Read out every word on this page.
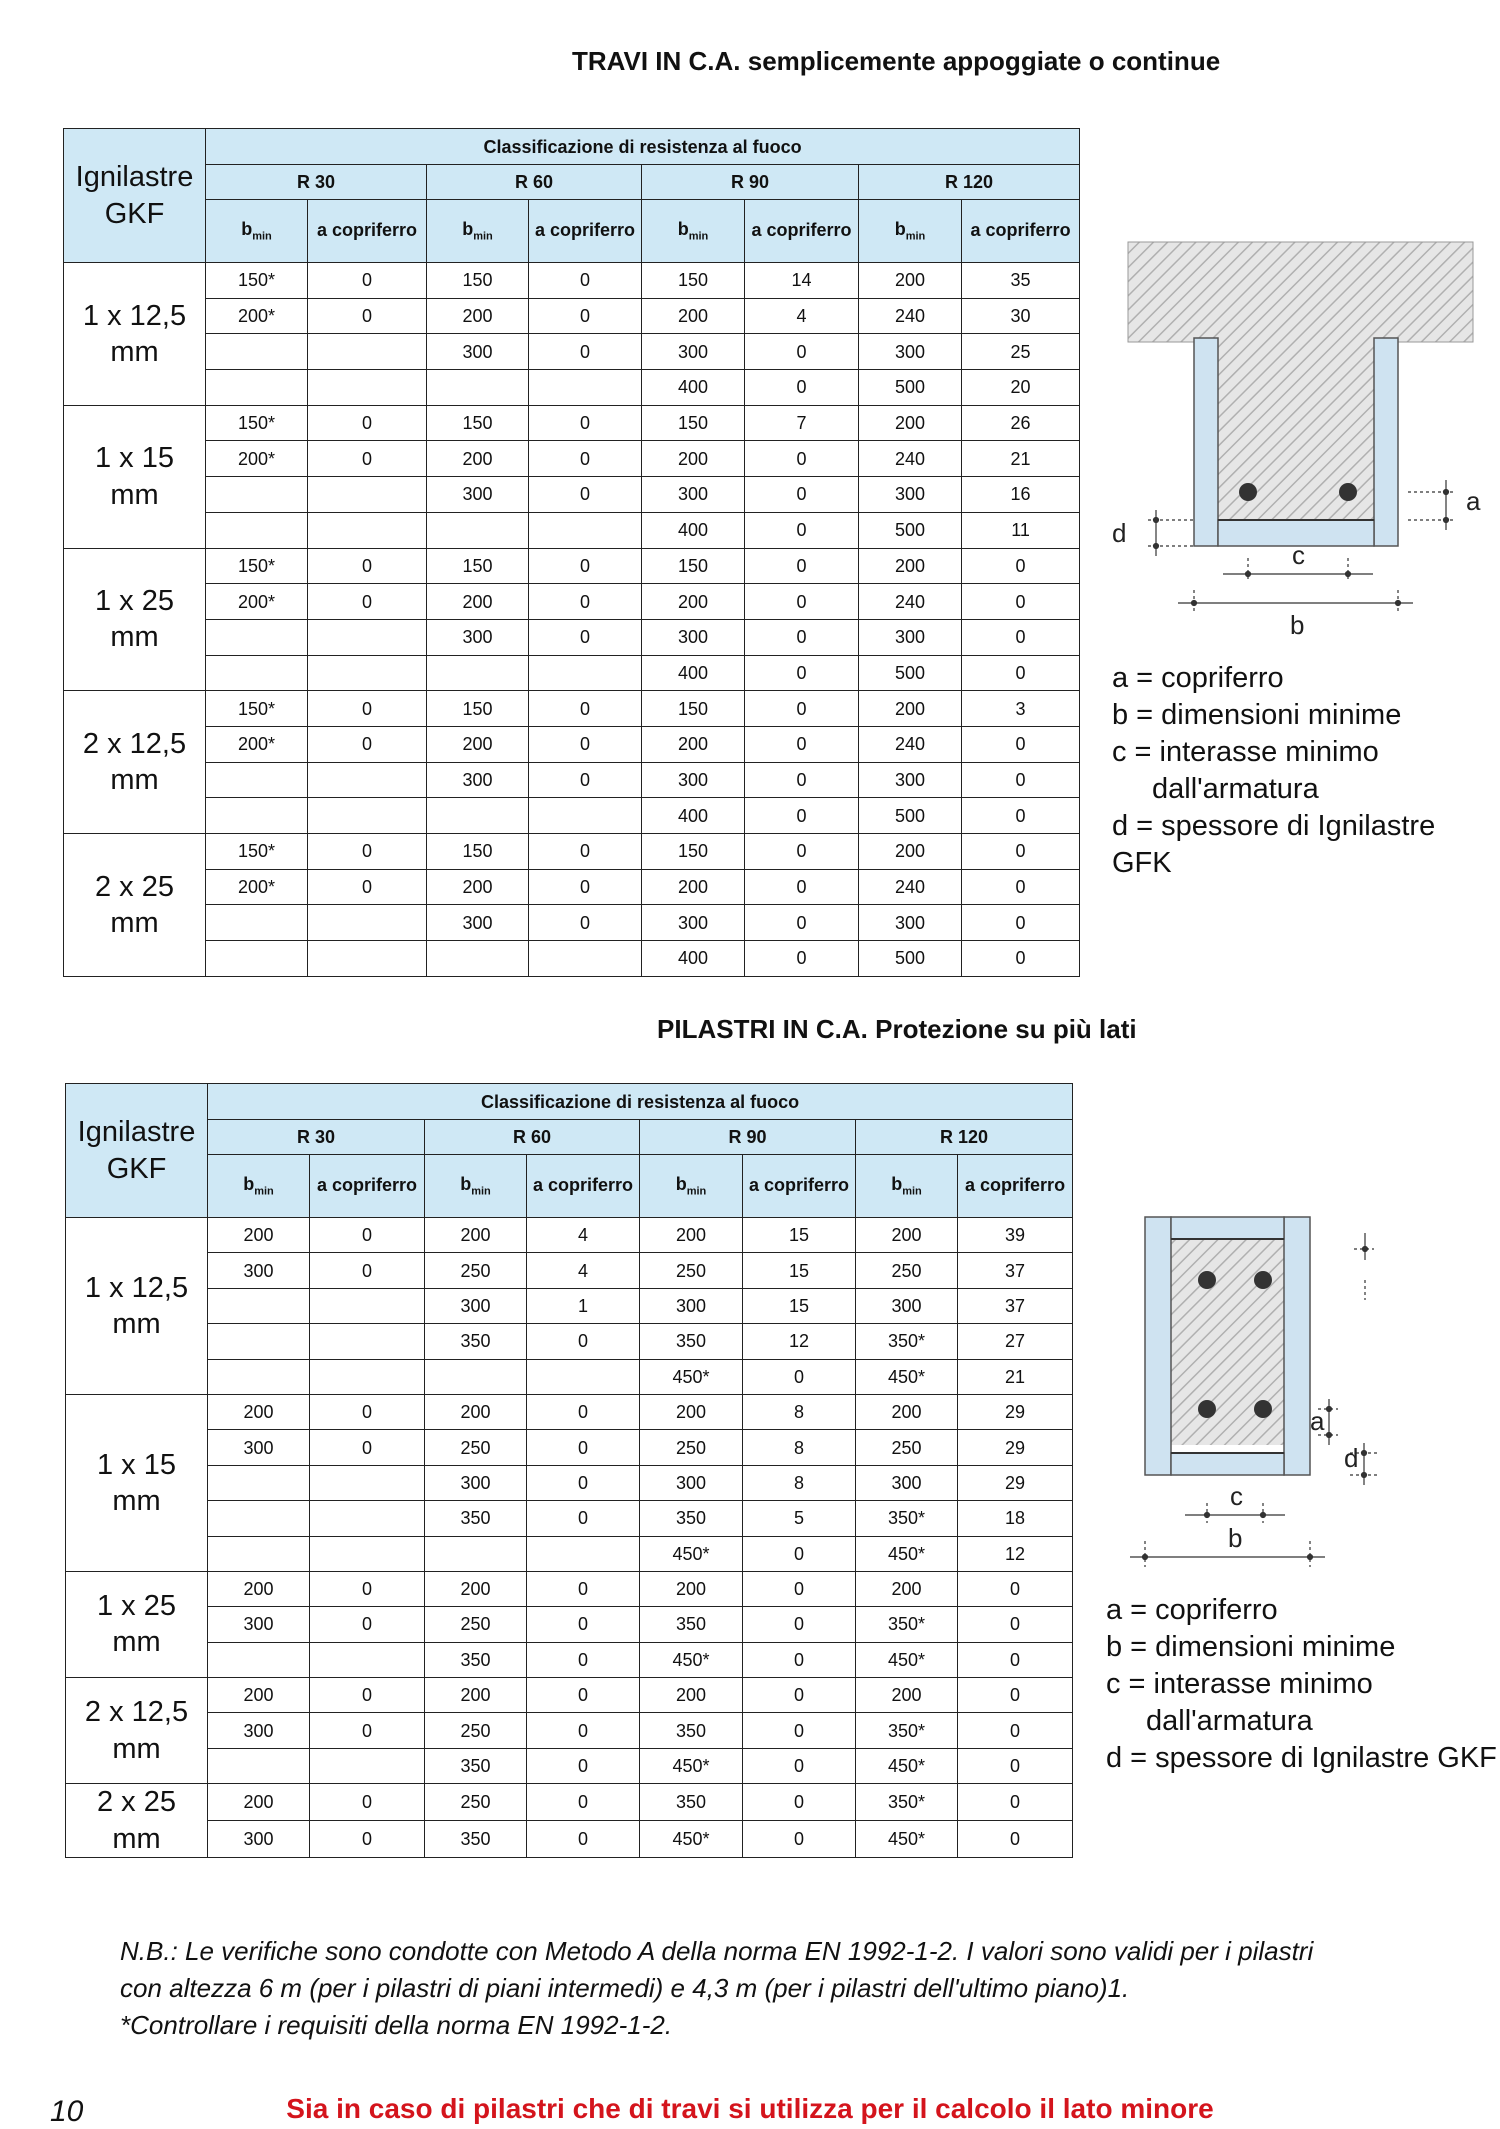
TRAVI IN C.A. semplicemente appoggiate o continue
Ignilastre GKF	Classificazione di resistenza al fuoco							
	R 30		R 60		R 90		R 120	
	$b_{min}$	a copriferro	$b_{min}$	a copriferro	$b_{min}$	a copriferro	$b_{min}$	a copriferro
1 x 12,5 mm	150*	0	150	0	150	14	200	35
	200*	0	200	0	200	4	240	30
			300	0	300	0	300	25
					400	0	500	20
1 x 15 mm	150*	0	150	0	150	7	200	26
	200*	0	200	0	200	0	240	21
			300	0	300	0	300	16
					400	0	500	11
1 x 25 mm	150*	0	150	0	150	0	200	0
	200*	0	200	0	200	0	240	0
			300	0	300	0	300	0
					400	0	500	0
2 x 12,5 mm	150*	0	150	0	150	0	200	3
	200*	0	200	0	200	0	240	0
			300	0	300	0	300	0
					400	0	500	0
2 x 25 mm	150*	0	150	0	150	0	200	0
	200*	0	200	0	200	0	240	0
			300	0	300	0	300	0
					400	0	500	0
a
d
c
b
a = copriferro
b = dimensioni minime
c = interasse minimo
dall'armatura
d = spessore di Ignilastre GFK
PILASTRI IN C.A. Protezione su più lati
Ignilastre GKF	Classificazione di resistenza al fuoco							
	R 30		R 60		R 90		R 120	
	$b_{min}$	a copriferro	$b_{min}$	a copriferro	$b_{min}$	a copriferro	$b_{min}$	a copriferro
1 x 12,5 mm	200	0	200	4	200	15	200	39
	300	0	250	4	250	15	250	37
			300	1	300	15	300	37
			350	0	350	12	350*	27
					450*	0	450*	21
1 x 15 mm	200	0	200	0	200	8	200	29
	300	0	250	0	250	8	250	29
			300	0	300	8	300	29
			350	0	350	5	350*	18
					450*	0	450*	12
1 x 25 mm	200	0	200	0	200	0	200	0
	300	0	250	0	350	0	350*	0
			350	0	450*	0	450*	0
2 x 12,5 mm	200	0	200	0	200	0	200	0
	300	0	250	0	350	0	350*	0
			350	0	450*	0	450*	0
2 x 25 mm	200	0	250	0	350	0	350*	0
	300	0	350	0	450*	0	450*	0
a
d
c
b
a = copriferro
b = dimensioni minime
c = interasse minimo
dall'armatura
d = spessore di Ignilastre GKF
N.B.: Le verifiche sono condotte con Metodo A della norma EN 1992-1-2. I valori sono validi per i pilastri
con altezza 6 m (per i pilastri di piani intermedi) e 4,3 m (per i pilastri dell'ultimo piano)1.
*Controllare i requisiti della norma EN 1992-1-2.
Sia in caso di pilastri che di travi si utilizza per il calcolo il lato minore
10
